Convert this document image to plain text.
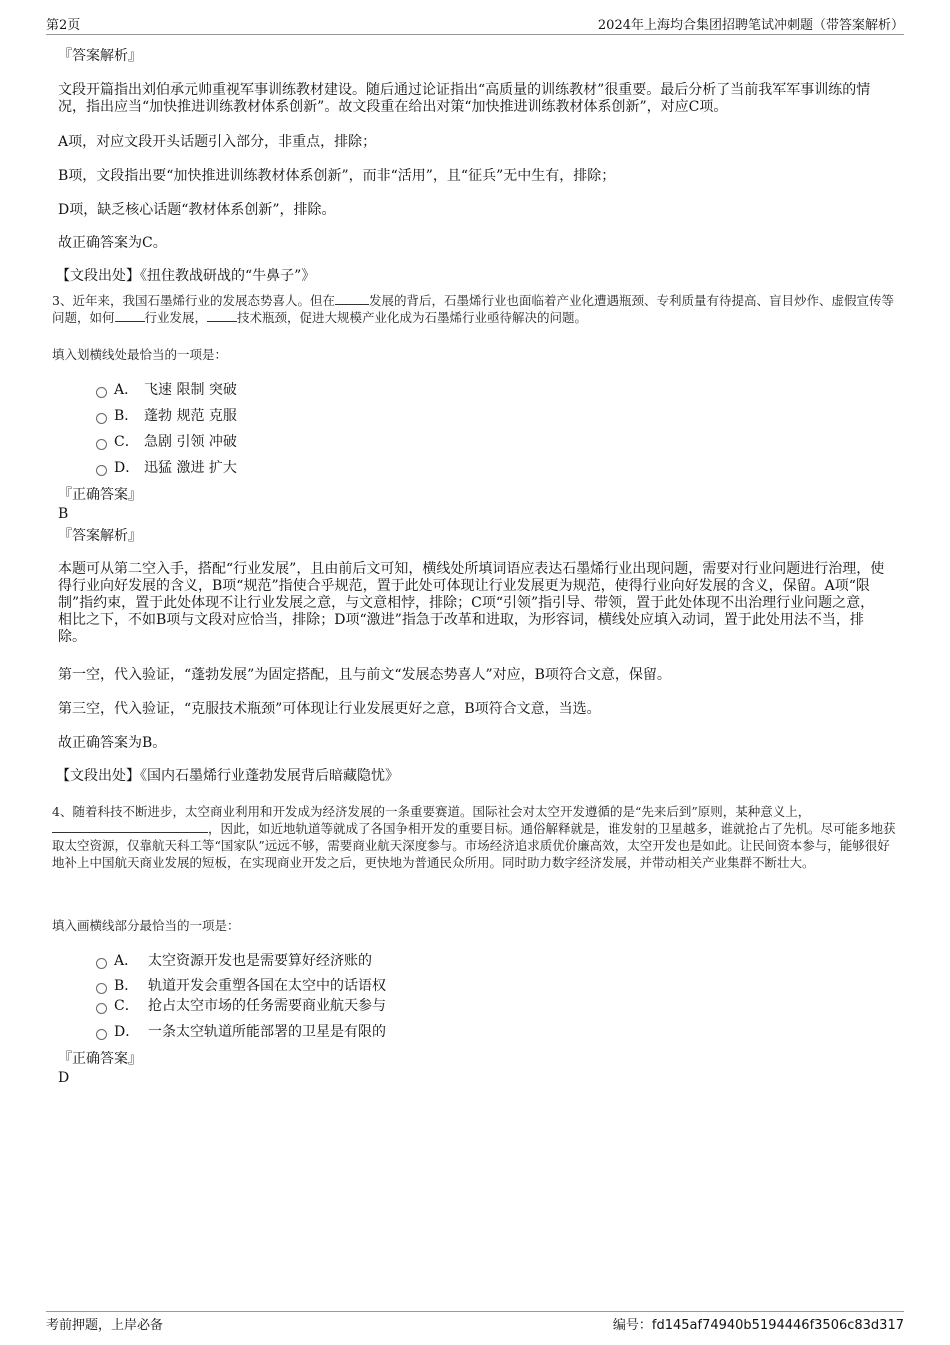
第2页	2024年上海均合集团招聘笔试冲刺题（带答案解析）
『答案解析』

文段开篇指出刘伯承元帅重视军事训练教材建设。随后通过论证指出“高质量的训练教材”很重要。最后分析了当前我军军事训练的情况，指出应当“加快推进训练教材体系创新”。故文段重在给出对策“加快推进训练教材体系创新”，对应C项。

A项，对应文段开头话题引入部分，非重点，排除；

B项，文段指出要“加快推进训练教材体系创新”，而非“活用”，且“征兵”无中生有，排除；

D项，缺乏核心话题“教材体系创新”，排除。

故正确答案为C。

【文段出处】《扭住教战研战的“牛鼻子”》

3、近年来，我国石墨烯行业的发展态势喜人。但在	发展的背后，石墨烯行业也面临着产业化遭遇瓶颈、专利质量有待提高、盲目炒作、虚假宣传等问题，如何 行业发展， 技术瓶颈，促进大规模产业化成为石墨烯行业亟待解决的问题。

填入划横线处最恰当的一项是：

A． 飞速 限制 突破
B． 蓬勃 规范 克服
C． 急剧 引领 冲破
D． 迅猛 激进 扩大
『正确答案』
B
『答案解析』

本题可从第二空入手，搭配“行业发展”，且由前后文可知，横线处所填词语应表达石墨烯行业出现问题，需要对行业问题进行治理，使得行业向好发展的含义，B项“规范”指使合乎规范，置于此处可体现让行业发展更为规范，使得行业向好发展的含义，保留。A项“限制”指约束，置于此处体现不让行业发展之意，与文意相悖，排除；C项“引领”指引导、带领，置于此处体现不出治理行业问题之意，相比之下，不如B项与文段对应恰当，排除；D项“激进”指急于改革和进取，为形容词，横线处应填入动词，置于此处用法不当，排除。

第一空，代入验证，“蓬勃发展”为固定搭配，且与前文“发展态势喜人”对应，B项符合文意，保留。

第三空，代入验证，“克服技术瓶颈”可体现让行业发展更好之意，B项符合文意，当选。

故正确答案为B。

【文段出处】《国内石墨烯行业蓬勃发展背后暗藏隐忧》

4、随着科技不断进步，太空商业利用和开发成为经济发展的一条重要赛道。国际社会对太空开发遵循的是“先来后到”原则，某种意义上，
，因此，如近地轨道等就成了各国争相开发的重要目标。通俗解释就是，谁发射的卫星越多，谁就抢占了先机。尽可能多地获取太空资源，仅靠航天科工等“国家队”远远不够，需要商业航天深度参与。市场经济追求质优价廉高效，太空开发也是如此。让民间资本参与，能够很好地补上中国航天商业发展的短板，在实现商业开发之后，更快地为普通民众所用。同时助力数字经济发展，并带动相关产业集群不断壮大。

填入画横线部分最恰当的一项是：

A． 太空资源开发也是需要算好经济账的
B． 轨道开发会重塑各国在太空中的话语权
C． 抢占太空市场的任务需要商业航天参与
D． 一条太空轨道所能部署的卫星是有限的
『正确答案』
D
考前押题，上岸必备	编号：fd145af74940b5194446f3506c83d317
